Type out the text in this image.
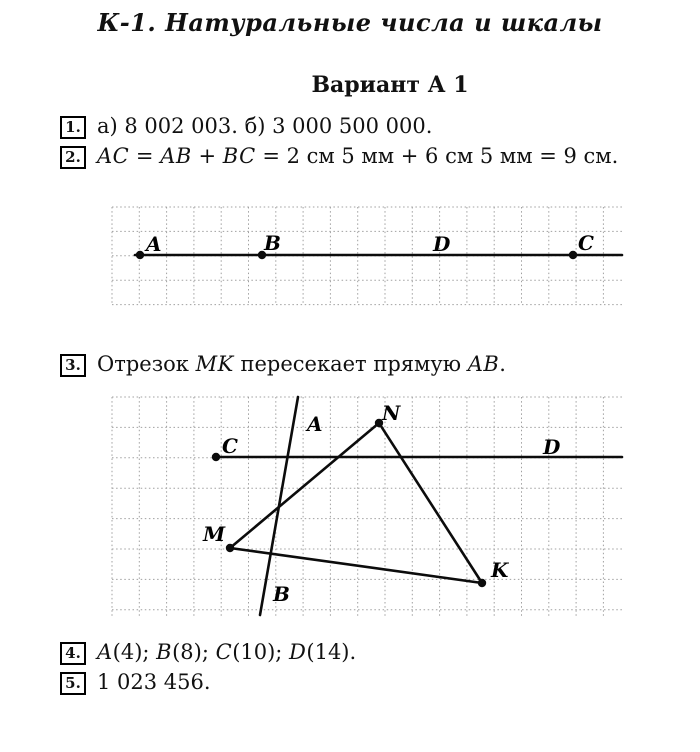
К-1. Натуральные числа и шкалы
Вариант А 1
1. а) 8 002 003. б) 3 000 500 000.
2. AC = AB + BC = 2 см 5 мм + 6 см 5 мм = 9 см.
A	B	D	C
3. Отрезок MK пересекает прямую AB.
C	D
A
B
M
N
K
4. A(4); B(8); C(10); D(14).
5. 1 023 456.
